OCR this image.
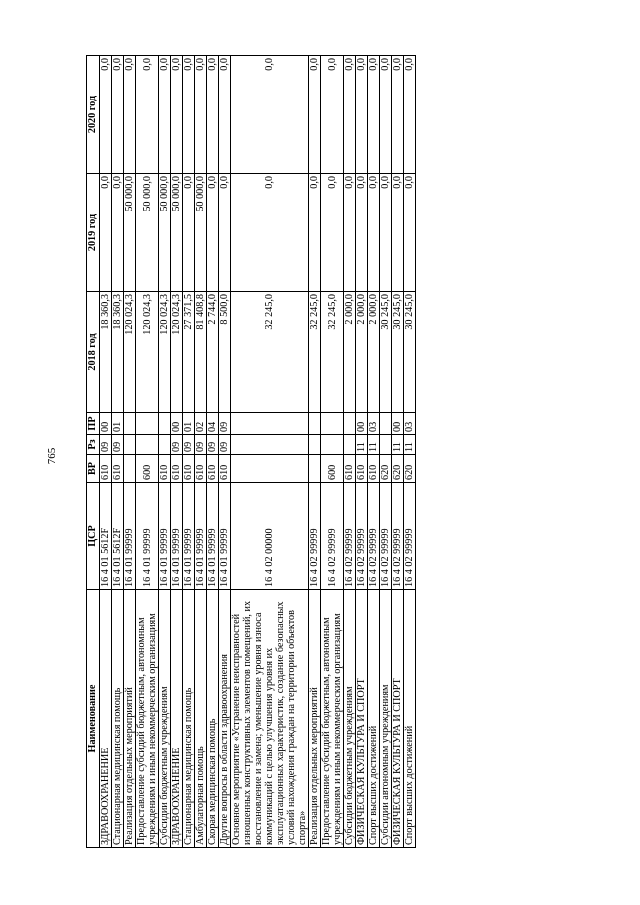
765
Наименование	ЦСР	ВР	Рз	ПР	2018 год	2019 год	2020 год
ЗДРАВООХРАНЕНИЕ	16 4 01 5612F	610	09	00	18 360,3	0,0	0,0
Стационарная медицинская помощь	16 4 01 5612F	610	09	01	18 360,3	0,0	0,0
Реализация отдельных мероприятий	16 4 01 99999				120 024,3	50 000,0	0,0
Предоставление субсидий бюджетным, автономным учреждениям и иным некоммерческим организациям	16 4 01 99999	600			120 024,3	50 000,0	0,0
Субсидии бюджетным учреждениям	16 4 01 99999	610			120 024,3	50 000,0	0,0
ЗДРАВООХРАНЕНИЕ	16 4 01 99999	610	09	00	120 024,3	50 000,0	0,0
Стационарная медицинская помощь	16 4 01 99999	610	09	01	27 371,5	0,0	0,0
Амбулаторная помощь	16 4 01 99999	610	09	02	81 408,8	50 000,0	0,0
Скорая медицинская помощь	16 4 01 99999	610	09	04	2 744,0	0,0	0,0
Другие вопросы в области здравоохранения	16 4 01 99999	610	09	09	8 500,0	0,0	0,0
Основное мероприятие «Устранение неисправностей изношенных конструктивных элементов помещений, их восстановление и замена; уменьшение уровня износа коммуникаций с целью улучшения уровня их эксплуатационных характеристик, создание безопасных условий нахождения граждан на территории объектов спорта»	16 4 02 00000				32 245,0	0,0	0,0
Реализация отдельных мероприятий	16 4 02 99999				32 245,0	0,0	0,0
Предоставление субсидий бюджетным, автономным учреждениям и иным некоммерческим организациям	16 4 02 99999	600			32 245,0	0,0	0,0
Субсидии бюджетным учреждениям	16 4 02 99999	610			2 000,0	0,0	0,0
ФИЗИЧЕСКАЯ КУЛЬТУРА И СПОРТ	16 4 02 99999	610	11	00	2 000,0	0,0	0,0
Спорт высших достижений	16 4 02 99999	610	11	03	2 000,0	0,0	0,0
Субсидии автономным учреждениям	16 4 02 99999	620			30 245,0	0,0	0,0
ФИЗИЧЕСКАЯ КУЛЬТУРА И СПОРТ	16 4 02 99999	620	11	00	30 245,0	0,0	0,0
Спорт высших достижений	16 4 02 99999	620	11	03	30 245,0	0,0	0,0
